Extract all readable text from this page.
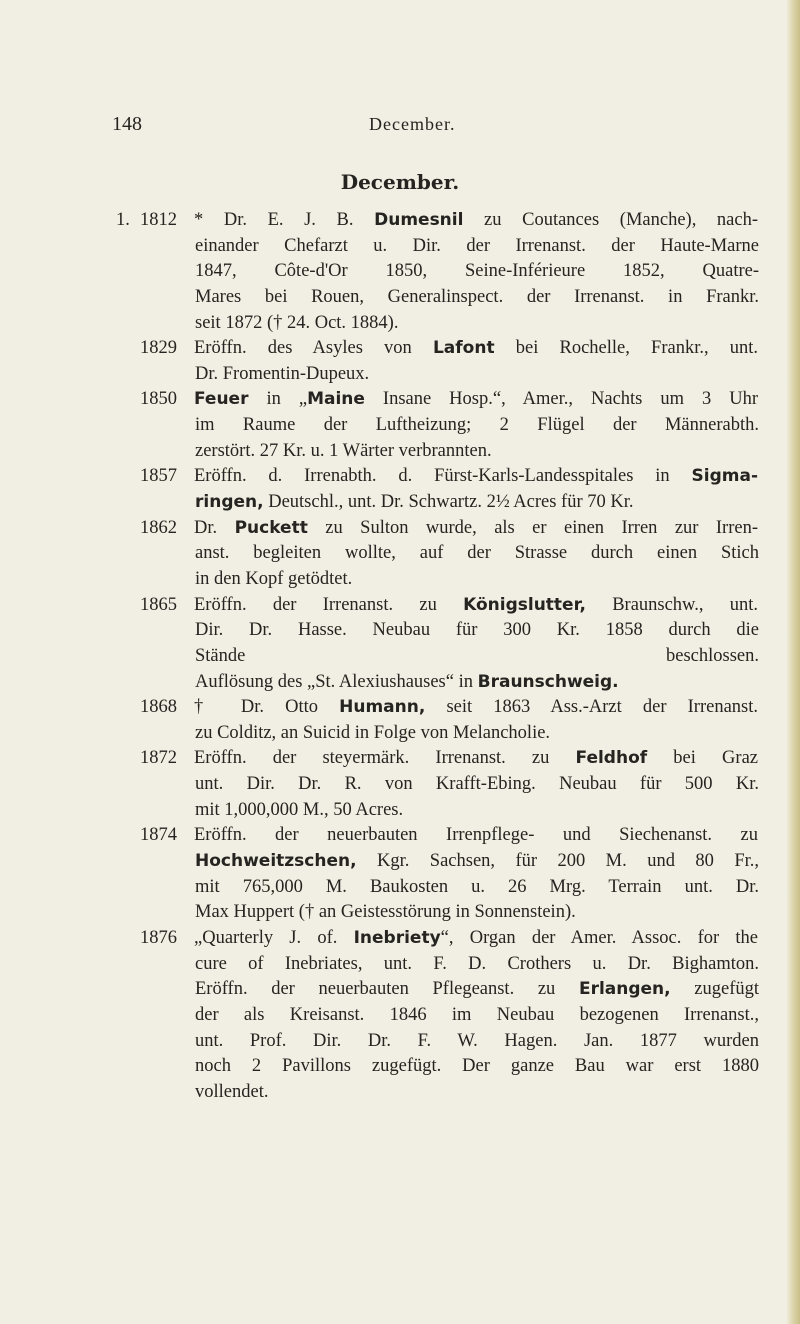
148	December.
December.
1. 1812 * Dr. E. J. B. Dumesnil zu Coutances (Manche), nach-
einander Chefarzt u. Dir. der Irrenanst. der Haute-Marne
1847, Côte-d'Or 1850, Seine-Inférieure 1852, Quatre-
Mares bei Rouen, Generalinspect. der Irrenanst. in Frankr.
seit 1872 († 24. Oct. 1884).
1829 Eröffn. des Asyles von Lafont bei Rochelle, Frankr., unt.
Dr. Fromentin-Dupeux.
1850 Feuer in „Maine Insane Hosp.“, Amer., Nachts um 3 Uhr
im Raume der Luftheizung; 2 Flügel der Männerabth.
zerstört. 27 Kr. u. 1 Wärter verbrannten.
1857 Eröffn. d. Irrenabth. d. Fürst-Karls-Landesspitales in Sigma-
ringen, Deutschl., unt. Dr. Schwartz. 2½ Acres für 70 Kr.
1862 Dr. Puckett zu Sulton wurde, als er einen Irren zur Irren-
anst. begleiten wollte, auf der Strasse durch einen Stich
in den Kopf getödtet.
1865 Eröffn. der Irrenanst. zu Königslutter, Braunschw., unt.
Dir. Dr. Hasse. Neubau für 300 Kr. 1858 durch die
Stände beschlossen.
Auflösung des „St. Alexiushauses“ in Braunschweig.
1868 † Dr. Otto Humann, seit 1863 Ass.-Arzt der Irrenanst.
zu Colditz, an Suicid in Folge von Melancholie.
1872 Eröffn. der steyermärk. Irrenanst. zu Feldhof bei Graz
unt. Dir. Dr. R. von Krafft-Ebing. Neubau für 500 Kr.
mit 1,000,000 M., 50 Acres.
1874 Eröffn. der neuerbauten Irrenpflege- und Siechenanst. zu
Hochweitzschen, Kgr. Sachsen, für 200 M. und 80 Fr.,
mit 765,000 M. Baukosten u. 26 Mrg. Terrain unt. Dr.
Max Huppert († an Geistesstörung in Sonnenstein).
1876 „Quarterly J. of. Inebriety“, Organ der Amer. Assoc. for the
cure of Inebriates, unt. F. D. Crothers u. Dr. Bighamton.
Eröffn. der neuerbauten Pflegeanst. zu Erlangen, zugefügt
der als Kreisanst. 1846 im Neubau bezogenen Irrenanst.,
unt. Prof. Dir. Dr. F. W. Hagen. Jan. 1877 wurden
noch 2 Pavillons zugefügt. Der ganze Bau war erst 1880
vollendet.
